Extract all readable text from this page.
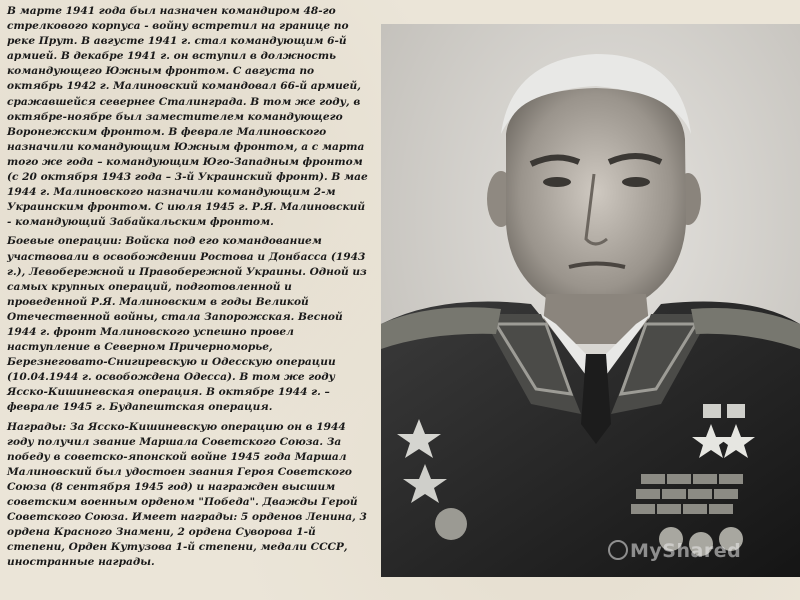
В марте 1941 года был назначен командиром 48-го стрелкового корпуса - войну встретил на границе по реке Прут. В августе 1941 г. стал командующим 6-й армией. В декабре 1941 г. он вступил в должность командующего Южным фронтом. С августа по октябрь 1942 г. Малиновский командовал 66-й армией, сражавшейся севернее Сталинграда. В том же году, в октябре-ноябре был заместителем командующего Воронежским фронтом. В феврале Малиновского назначили командующим Южным фронтом, а с марта того же года – командующим Юго-Западным фронтом (с 20 октября 1943 года – 3-й Украинский фронт). В мае 1944 г. Малиновского назначили командующим 2-м Украинским фронтом. С июля 1945 г. Р.Я. Малиновский - командующий Забайкальским фронтом.

Боевые операции: Войска под его командованием участвовали в освобождении Ростова и Донбасса (1943 г.), Левобережной и Правобережной Украины. Одной из самых крупных операций, подготовленной и проведенной Р.Я. Малиновским в годы Великой Отечественной войны, стала Запорожская. Весной 1944 г. фронт Малиновского успешно провел наступление в Северном Причерноморье, Березнеговато-Снигиревскую и Одесскую операции (10.04.1944 г. освобождена Одесса). В том же году Ясско-Кишиневская операция. В октябре 1944 г. – феврале 1945 г. Будапештская операция.

Награды: За Ясско-Кишиневскую операцию он в 1944 году получил звание Маршала Советского Союза. За победу в советско-японской войне 1945 года Маршал Малиновский был удостоен звания Героя Советского Союза (8 сентября 1945 год) и награжден высшим советским военным орденом "Победа". Дважды Герой Советского Союза. Имеет награды: 5 орденов Ленина, 3 ордена Красного Знамени, 2 ордена Суворова 1-й степени, Орден Кутузова 1-й степени, медали СССР, иностранные награды.

MyShared
